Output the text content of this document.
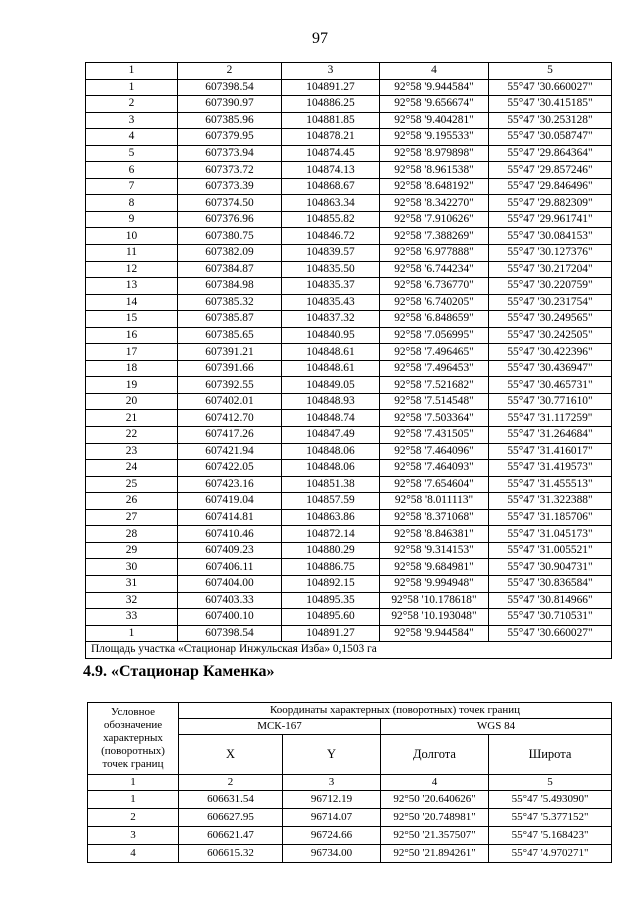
97
1	2	3	4	5
1	607398.54	104891.27	92°58 '9.944584"	55°47 '30.660027"
2	607390.97	104886.25	92°58 '9.656674"	55°47 '30.415185"
3	607385.96	104881.85	92°58 '9.404281"	55°47 '30.253128"
4	607379.95	104878.21	92°58 '9.195533"	55°47 '30.058747"
5	607373.94	104874.45	92°58 '8.979898"	55°47 '29.864364"
6	607373.72	104874.13	92°58 '8.961538"	55°47 '29.857246"
7	607373.39	104868.67	92°58 '8.648192"	55°47 '29.846496"
8	607374.50	104863.34	92°58 '8.342270"	55°47 '29.882309"
9	607376.96	104855.82	92°58 '7.910626"	55°47 '29.961741"
10	607380.75	104846.72	92°58 '7.388269"	55°47 '30.084153"
11	607382.09	104839.57	92°58 '6.977888"	55°47 '30.127376"
12	607384.87	104835.50	92°58 '6.744234"	55°47 '30.217204"
13	607384.98	104835.37	92°58 '6.736770"	55°47 '30.220759"
14	607385.32	104835.43	92°58 '6.740205"	55°47 '30.231754"
15	607385.87	104837.32	92°58 '6.848659"	55°47 '30.249565"
16	607385.65	104840.95	92°58 '7.056995"	55°47 '30.242505"
17	607391.21	104848.61	92°58 '7.496465"	55°47 '30.422396"
18	607391.66	104848.61	92°58 '7.496453"	55°47 '30.436947"
19	607392.55	104849.05	92°58 '7.521682"	55°47 '30.465731"
20	607402.01	104848.93	92°58 '7.514548"	55°47 '30.771610"
21	607412.70	104848.74	92°58 '7.503364"	55°47 '31.117259"
22	607417.26	104847.49	92°58 '7.431505"	55°47 '31.264684"
23	607421.94	104848.06	92°58 '7.464096"	55°47 '31.416017"
24	607422.05	104848.06	92°58 '7.464093"	55°47 '31.419573"
25	607423.16	104851.38	92°58 '7.654604"	55°47 '31.455513"
26	607419.04	104857.59	92°58 '8.011113"	55°47 '31.322388"
27	607414.81	104863.86	92°58 '8.371068"	55°47 '31.185706"
28	607410.46	104872.14	92°58 '8.846381"	55°47 '31.045173"
29	607409.23	104880.29	92°58 '9.314153"	55°47 '31.005521"
30	607406.11	104886.75	92°58 '9.684981"	55°47 '30.904731"
31	607404.00	104892.15	92°58 '9.994948"	55°47 '30.836584"
32	607403.33	104895.35	92°58 '10.178618"	55°47 '30.814966"
33	607400.10	104895.60	92°58 '10.193048"	55°47 '30.710531"
1	607398.54	104891.27	92°58 '9.944584"	55°47 '30.660027"
Площадь участка «Стационар Инжульская Изба» 0,1503 га				
4.9. «Стационар Каменка»
Условное обозначение характерных (поворотных) точек границ	Координаты характерных (поворотных) точек границ			
	МСК-167		WGS 84	
	X	Y	Долгота	Широта
1	2	3	4	5
1	606631.54	96712.19	92°50 '20.640626"	55°47 '5.493090"
2	606627.95	96714.07	92°50 '20.748981"	55°47 '5.377152"
3	606621.47	96724.66	92°50 '21.357507"	55°47 '5.168423"
4	606615.32	96734.00	92°50 '21.894261"	55°47 '4.970271"
